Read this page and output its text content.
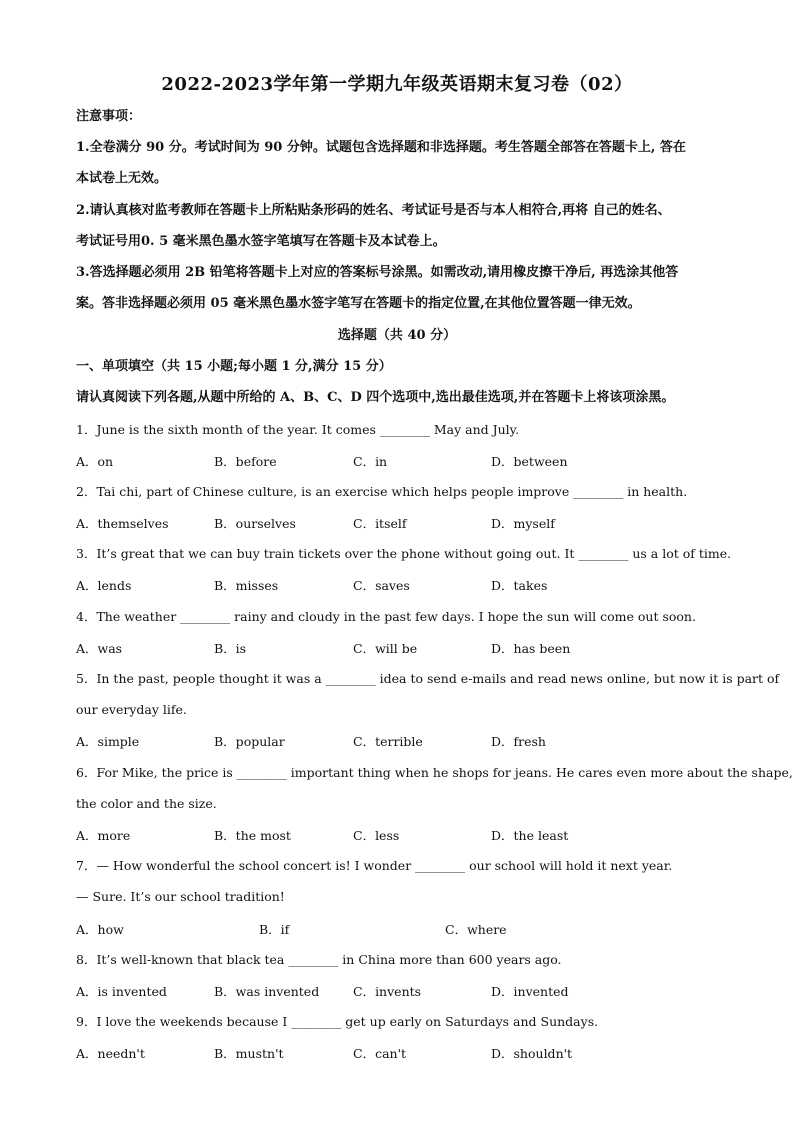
2022-2023学年第一学期九年级英语期末复习卷（02）
注意事项：
1.全卷满分 90 分。考试时间为 90 分钟。试题包含选择题和非选择题。考生答题全部答在答题卡上, 答在
本试卷上无效。
2.请认真核对监考教师在答题卡上所粘贴条形码的姓名、考试证号是否与本人相符合,再将 自己的姓名、
考试证号用0. 5 毫米黑色墨水签字笔填写在答题卡及本试卷上。
3.答选择题必须用 2B 铅笔将答题卡上对应的答案标号涂黑。如需改动,请用橡皮擦干净后, 再选涂其他答
案。答非选择题必须用 05 毫米黑色墨水签字笔写在答题卡的指定位置,在其他位置答题一律无效。
选择题（共 40 分）
一、单项填空（共 15 小题;每小题 1 分,满分 15 分）
请认真阅读下列各题,从题中所给的 A、B、C、D 四个选项中,选出最佳选项,并在答题卡上将该项涂黑。
1．June is the sixth month of the year. It comes ________ May and July.
A．on	B．before	C．in	D．between
2．Tai chi, part of Chinese culture, is an exercise which helps people improve ________ in health.
A．themselves	B．ourselves	C．itself	D．myself
3．It’s great that we can buy train tickets over the phone without going out. It ________ us a lot of time.
A．lends	B．misses	C．saves	D．takes
4．The weather ________ rainy and cloudy in the past few days. I hope the sun will come out soon.
A．was	B．is	C．will be	D．has been
5．In the past, people thought it was a ________ idea to send e-mails and read news online, but now it is part of
our everyday life.
A．simple	B．popular	C．terrible	D．fresh
6．For Mike, the price is ________ important thing when he shops for jeans. He cares even more about the shape,
the color and the size.
A．more	B．the most	C．less	D．the least
7．— How wonderful the school concert is! I wonder ________ our school will hold it next year.
— Sure. It’s our school tradition!
A．how	B．if	C．where
8．It’s well-known that black tea ________ in China more than 600 years ago.
A．is invented	B．was invented	C．invents	D．invented
9．I love the weekends because I ________ get up early on Saturdays and Sundays.
A．needn't	B．mustn't	C．can't	D．shouldn't
